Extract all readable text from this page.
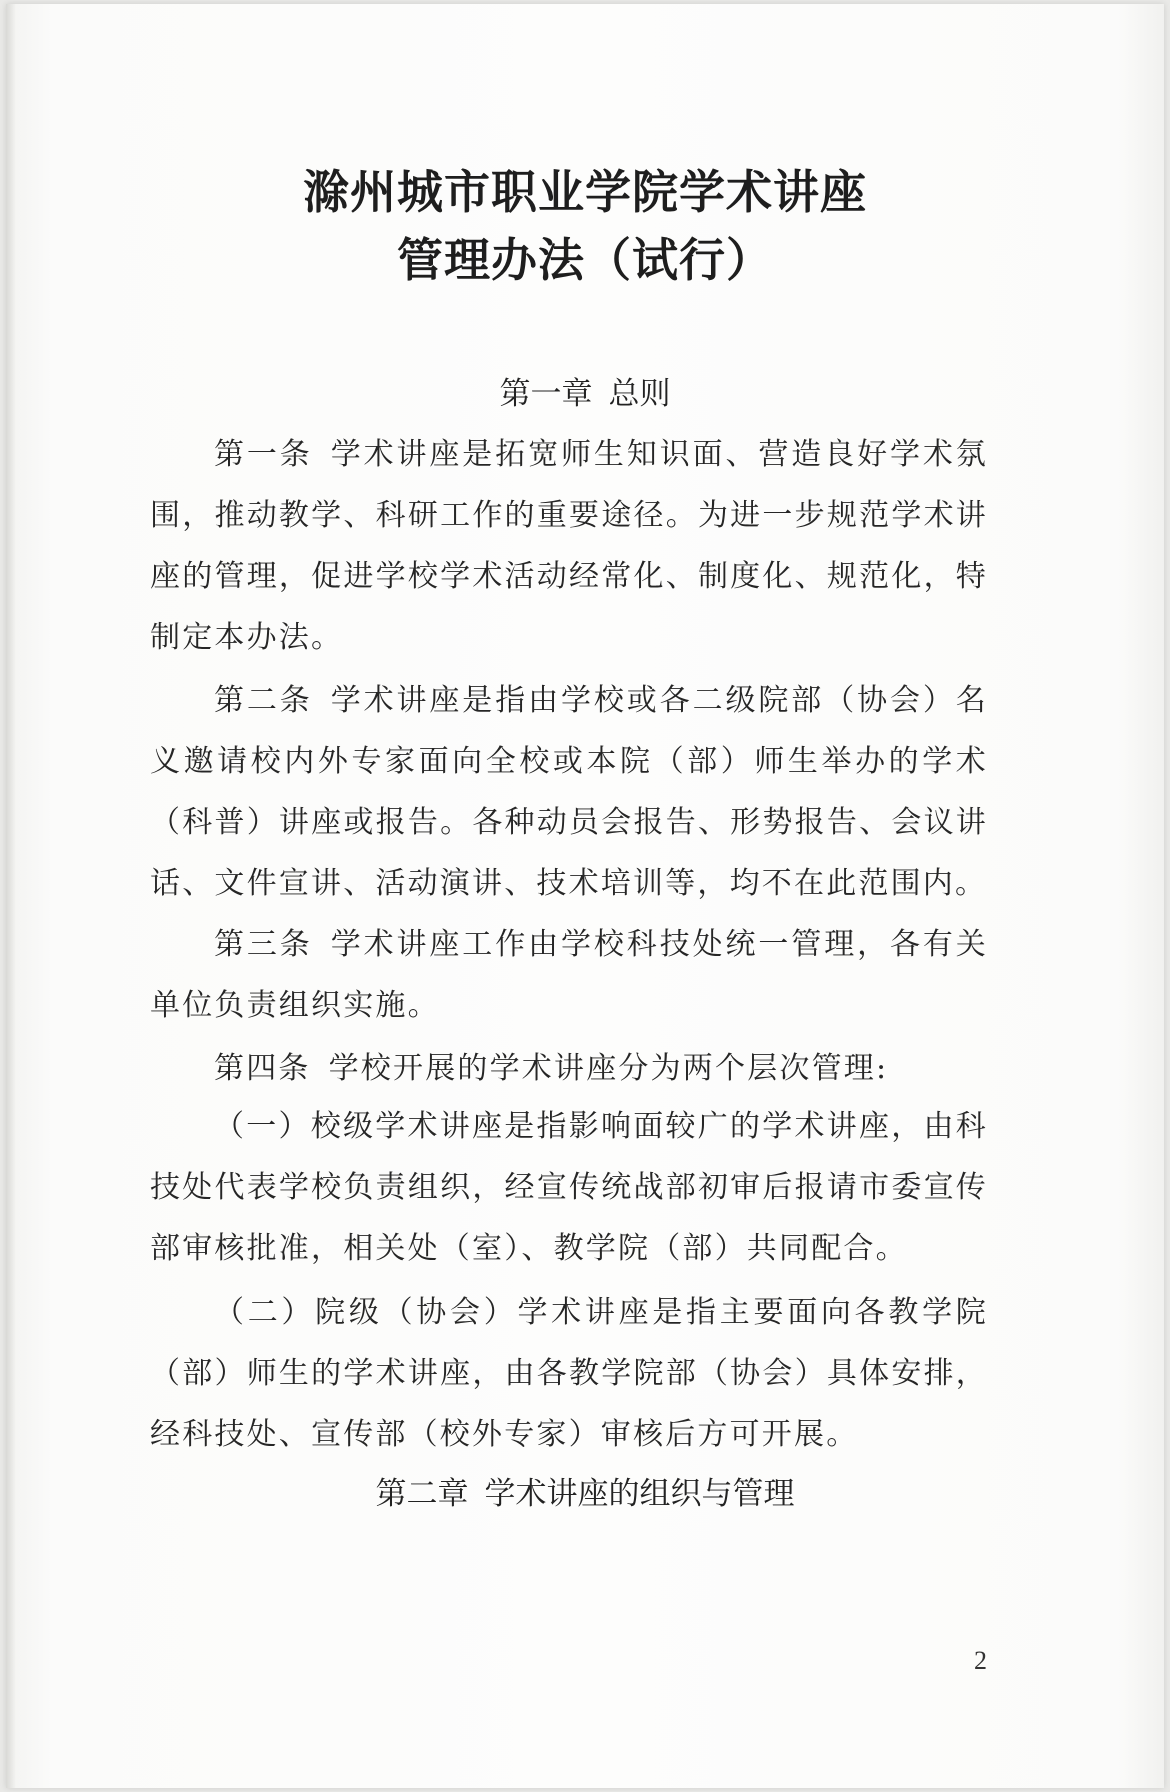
滁州城市职业学院学术讲座
管理办法（试行）
第一章 总则
第一条 学术讲座是拓宽师生知识面、营造良好学术氛围，推动教学、科研工作的重要途径。为进一步规范学术讲座的管理，促进学校学术活动经常化、制度化、规范化，特制定本办法。
第二条 学术讲座是指由学校或各二级院部（协会）名义邀请校内外专家面向全校或本院（部）师生举办的学术（科普）讲座或报告。各种动员会报告、形势报告、会议讲话、文件宣讲、活动演讲、技术培训等，均不在此范围内。
第三条 学术讲座工作由学校科技处统一管理，各有关单位负责组织实施。
第四条 学校开展的学术讲座分为两个层次管理:
（一）校级学术讲座是指影响面较广的学术讲座，由科技处代表学校负责组织，经宣传统战部初审后报请市委宣传部审核批准，相关处（室）、教学院（部）共同配合。
（二）院级（协会）学术讲座是指主要面向各教学院（部）师生的学术讲座，由各教学院部（协会）具体安排，经科技处、宣传部（校外专家）审核后方可开展。
第二章 学术讲座的组织与管理
2
